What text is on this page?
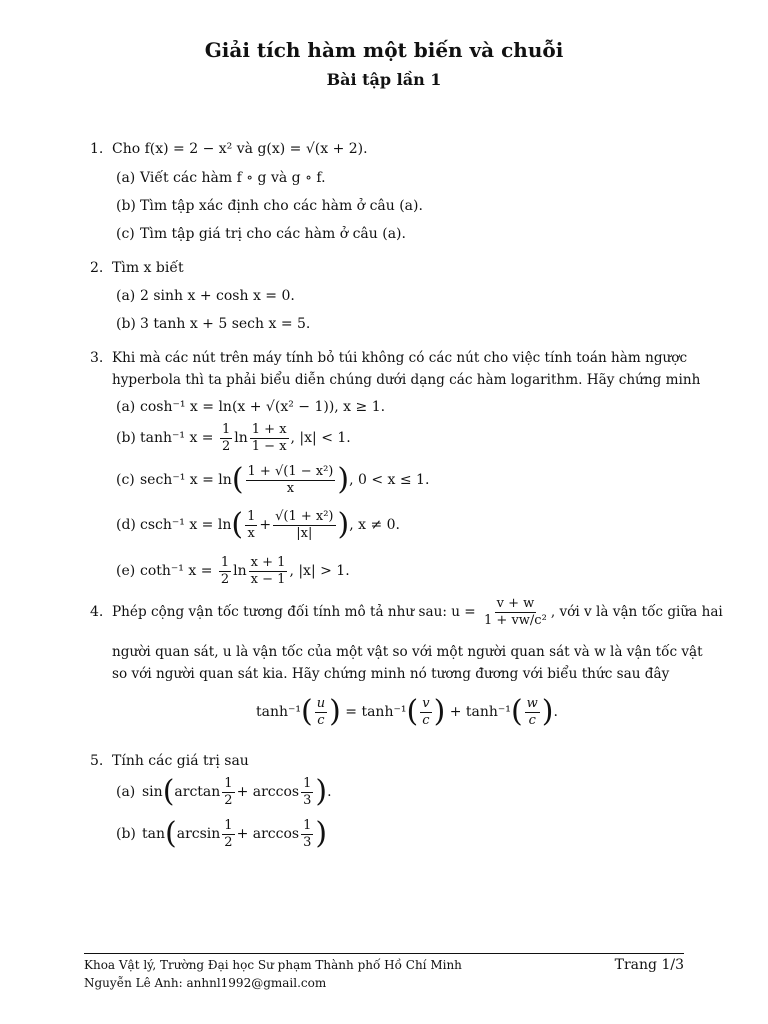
Giải tích hàm một biến và chuỗi
Bài tập lần 1
1. Cho f(x) = 2 − x² và g(x) = √(x + 2).
(a) Viết các hàm f ∘ g và g ∘ f.
(b) Tìm tập xác định cho các hàm ở câu (a).
(c) Tìm tập giá trị cho các hàm ở câu (a).
2. Tìm x biết
(a) 2 sinh x + cosh x = 0.
(b) 3 tanh x + 5 sech x = 5.
3. Khi mà các nút trên máy tính bỏ túi không có các nút cho việc tính toán hàm ngược
hyperbola thì ta phải biểu diễn chúng dưới dạng các hàm logarithm. Hãy chứng minh
(a) cosh⁻¹ x = ln(x + √(x² − 1)), x ≥ 1.
(b) tanh⁻¹ $x = \frac{1}{2}$ $\ln \frac{1 + x}{1 - x}$ , |x| < 1.
(c) sech⁻¹ $x = \ln( \frac{\text{1 + √(1 − x²)}}{x}$ ), 0 < x ≤ 1.
(d) csch⁻¹ $x = \ln( \frac{1}{x} + \frac{\text{√(1 + x²)}}{|x|}$ ), x ≠ 0.
(e) coth⁻¹ $x = \frac{1}{2}$ $\ln \frac{x + 1}{x - 1}$ , |x| > 1.
4. Phép cộng vận tốc tương đối tính mô tả như sau: $u = \frac{v + w}{\text{1 + vw/c²}}$ , với v là vận tốc giữa hai
người quan sát, u là vận tốc của một vật so với một người quan sát và w là vận tốc vật
so với người quan sát kia. Hãy chứng minh nó tương đương với biểu thức sau đây
$\tanh^{-1}( \frac{u}{c}$ ) = $\tanh^{-1}( \frac{v}{c}$ ) + $\tanh^{-1}( \frac{w}{c}$ ).
5. Tính các giá trị sau
(a) $\sin(\arctan \frac{1}{2} + \arccos \frac{1}{3}$ ).
(b) $\tan(\arcsin \frac{1}{2} + \arccos \frac{1}{3}$ )
Khoa Vật lý, Trường Đại học Sư phạm Thành phố Hồ Chí Minh
Nguyễn Lê Anh: anhnl1992@gmail.com
Trang 1/3
